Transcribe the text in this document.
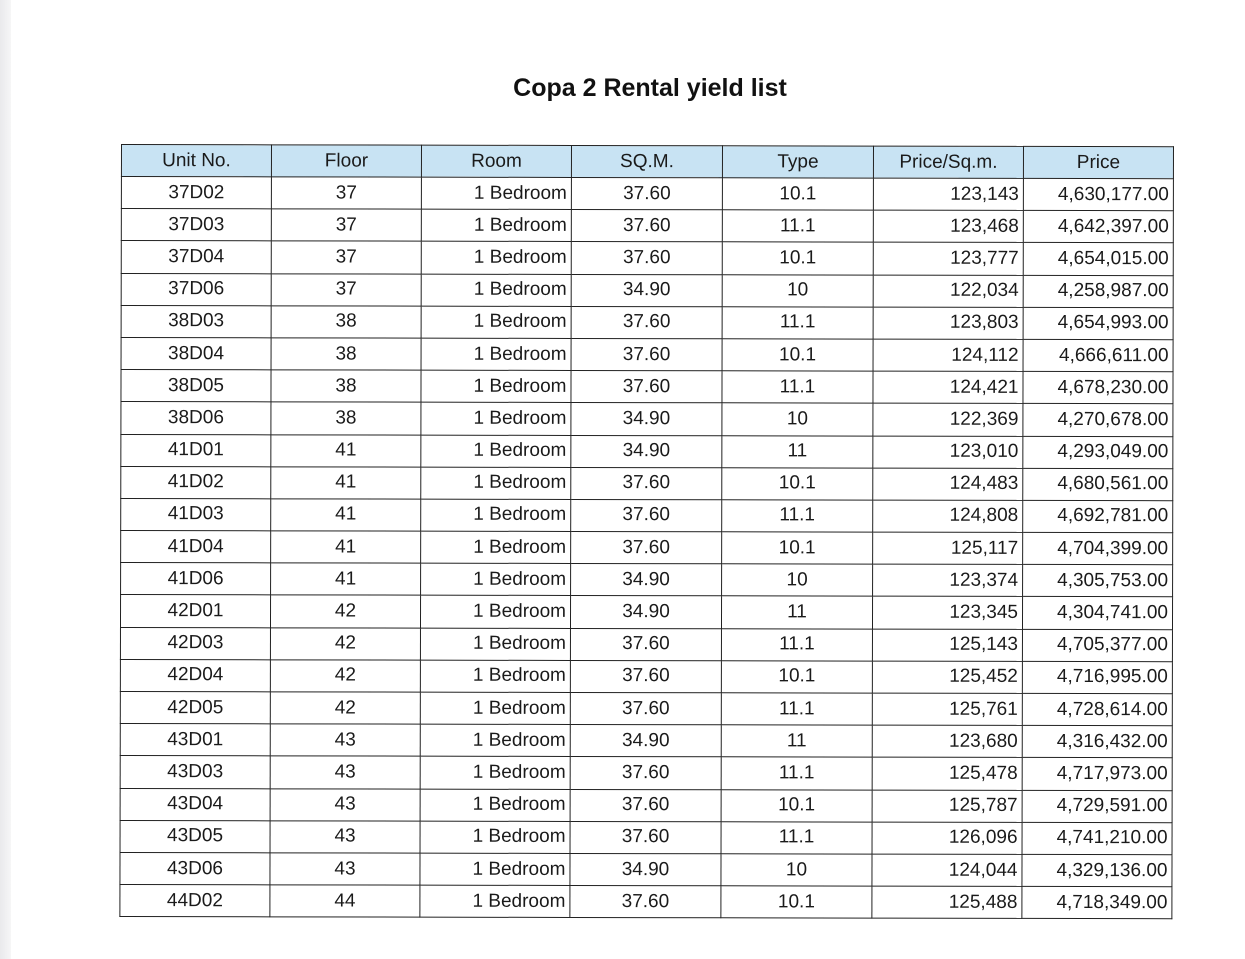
Copa 2 Rental yield list
Unit No.	Floor	Room	SQ.M.	Type	Price/Sq.m.	Price
37D02	37	1 Bedroom	37.60	10.1	123,143	4,630,177.00
37D03	37	1 Bedroom	37.60	11.1	123,468	4,642,397.00
37D04	37	1 Bedroom	37.60	10.1	123,777	4,654,015.00
37D06	37	1 Bedroom	34.90	10	122,034	4,258,987.00
38D03	38	1 Bedroom	37.60	11.1	123,803	4,654,993.00
38D04	38	1 Bedroom	37.60	10.1	124,112	4,666,611.00
38D05	38	1 Bedroom	37.60	11.1	124,421	4,678,230.00
38D06	38	1 Bedroom	34.90	10	122,369	4,270,678.00
41D01	41	1 Bedroom	34.90	11	123,010	4,293,049.00
41D02	41	1 Bedroom	37.60	10.1	124,483	4,680,561.00
41D03	41	1 Bedroom	37.60	11.1	124,808	4,692,781.00
41D04	41	1 Bedroom	37.60	10.1	125,117	4,704,399.00
41D06	41	1 Bedroom	34.90	10	123,374	4,305,753.00
42D01	42	1 Bedroom	34.90	11	123,345	4,304,741.00
42D03	42	1 Bedroom	37.60	11.1	125,143	4,705,377.00
42D04	42	1 Bedroom	37.60	10.1	125,452	4,716,995.00
42D05	42	1 Bedroom	37.60	11.1	125,761	4,728,614.00
43D01	43	1 Bedroom	34.90	11	123,680	4,316,432.00
43D03	43	1 Bedroom	37.60	11.1	125,478	4,717,973.00
43D04	43	1 Bedroom	37.60	10.1	125,787	4,729,591.00
43D05	43	1 Bedroom	37.60	11.1	126,096	4,741,210.00
43D06	43	1 Bedroom	34.90	10	124,044	4,329,136.00
44D02	44	1 Bedroom	37.60	10.1	125,488	4,718,349.00
